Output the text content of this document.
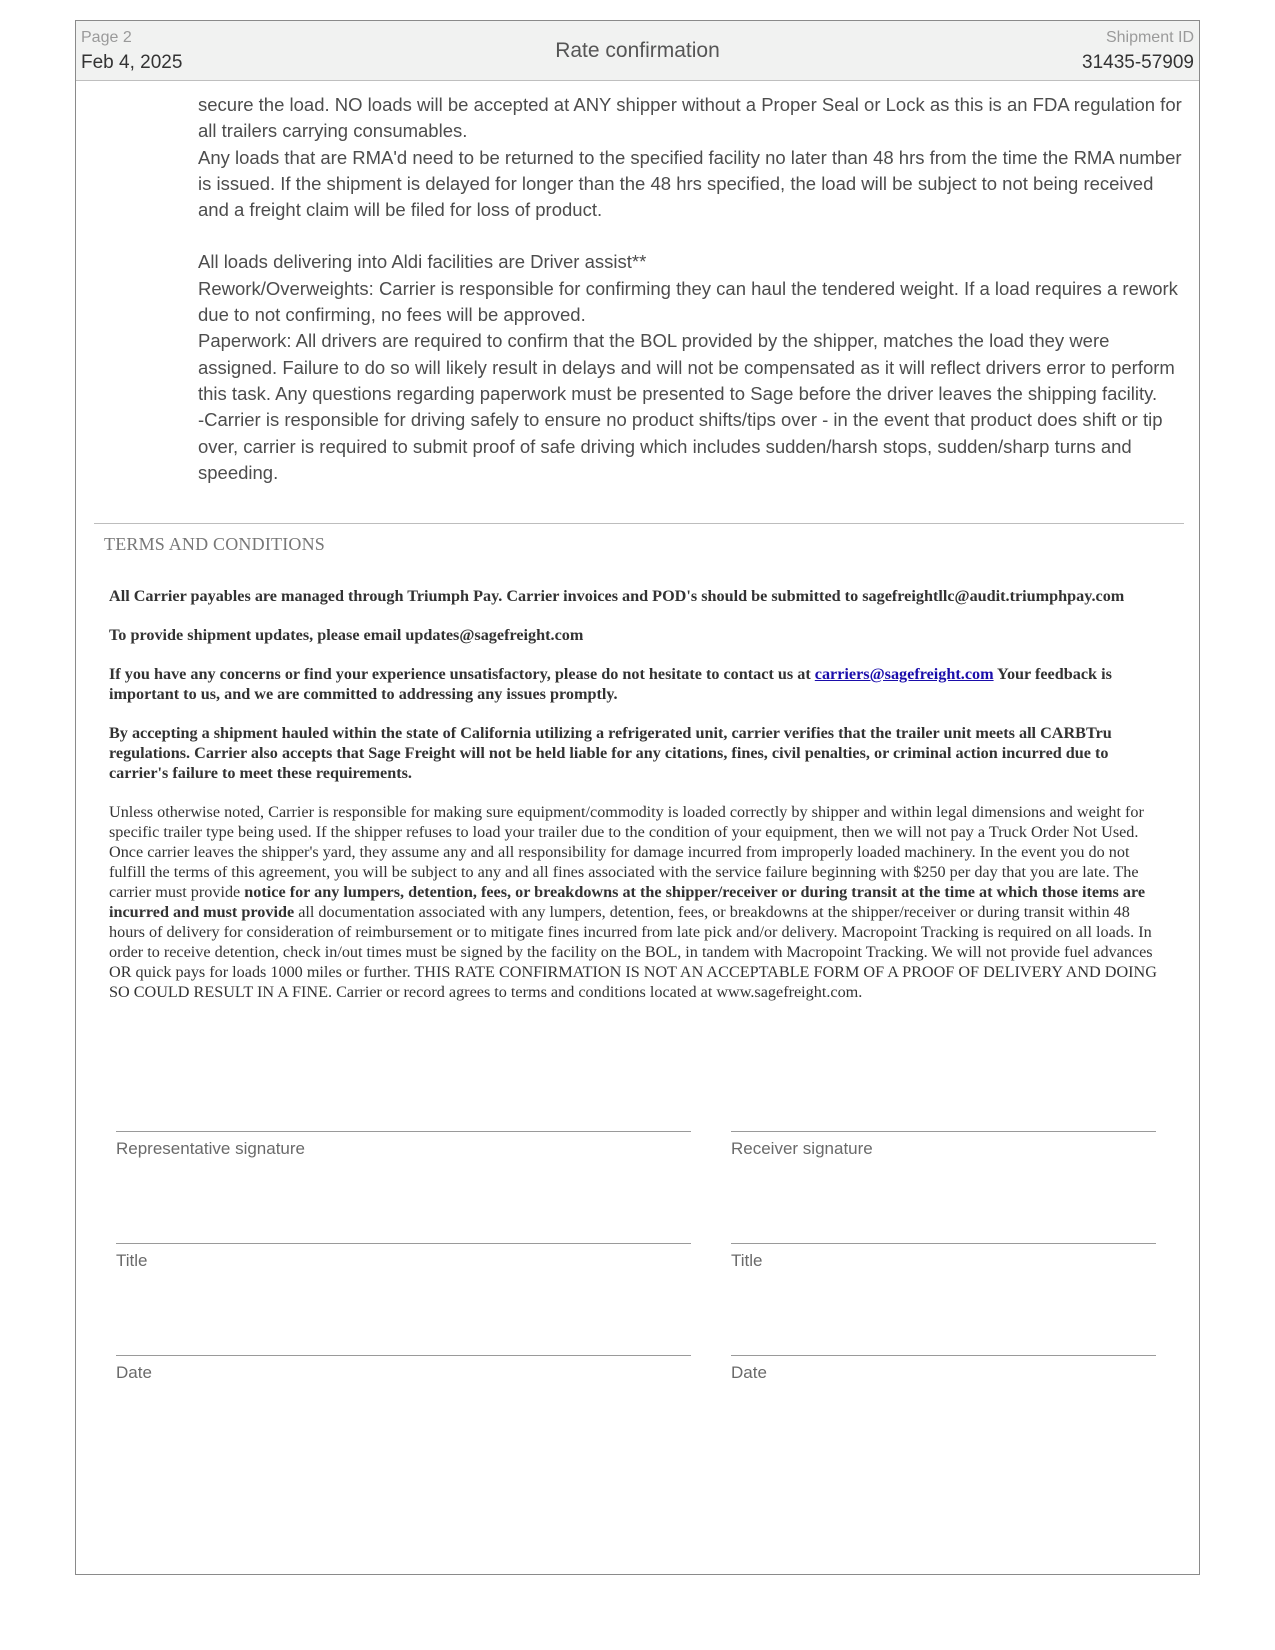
Page 2
Feb 4, 2025
Rate confirmation
Shipment ID
31435-57909

secure the load. NO loads will be accepted at ANY shipper without a Proper Seal or Lock as this is an FDA regulation for all trailers carrying consumables.

Any loads that are RMA'd need to be returned to the specified facility no later than 48 hrs from the time the RMA number is issued. If the shipment is delayed for longer than the 48 hrs specified, the load will be subject to not being received and a freight claim will be filed for loss of product.

All loads delivering into Aldi facilities are Driver assist**

Rework/Overweights: Carrier is responsible for confirming they can haul the tendered weight. If a load requires a rework due to not confirming, no fees will be approved.

Paperwork: All drivers are required to confirm that the BOL provided by the shipper, matches the load they were assigned. Failure to do so will likely result in delays and will not be compensated as it will reflect drivers error to perform this task. Any questions regarding paperwork must be presented to Sage before the driver leaves the shipping facility.

-Carrier is responsible for driving safely to ensure no product shifts/tips over - in the event that product does shift or tip over, carrier is required to submit proof of safe driving which includes sudden/harsh stops, sudden/sharp turns and speeding.

TERMS AND CONDITIONS

All Carrier payables are managed through Triumph Pay. Carrier invoices and POD's should be submitted to sagefreightllc@audit.triumphpay.com

To provide shipment updates, please email updates@sagefreight.com

If you have any concerns or find your experience unsatisfactory, please do not hesitate to contact us at carriers@sagefreight.com Your feedback is important to us, and we are committed to addressing any issues promptly.

By accepting a shipment hauled within the state of California utilizing a refrigerated unit, carrier verifies that the trailer unit meets all CARBTru regulations. Carrier also accepts that Sage Freight will not be held liable for any citations, fines, civil penalties, or criminal action incurred due to carrier's failure to meet these requirements.

Unless otherwise noted, Carrier is responsible for making sure equipment/commodity is loaded correctly by shipper and within legal dimensions and weight for specific trailer type being used. If the shipper refuses to load your trailer due to the condition of your equipment, then we will not pay a Truck Order Not Used. Once carrier leaves the shipper's yard, they assume any and all responsibility for damage incurred from improperly loaded machinery. In the event you do not fulfill the terms of this agreement, you will be subject to any and all fines associated with the service failure beginning with $250 per day that you are late. The carrier must provide notice for any lumpers, detention, fees, or breakdowns at the shipper/receiver or during transit at the time at which those items are incurred and must provide all documentation associated with any lumpers, detention, fees, or breakdowns at the shipper/receiver or during transit within 48 hours of delivery for consideration of reimbursement or to mitigate fines incurred from late pick and/or delivery. Macropoint Tracking is required on all loads. In order to receive detention, check in/out times must be signed by the facility on the BOL, in tandem with Macropoint Tracking. We will not provide fuel advances OR quick pays for loads 1000 miles or further. THIS RATE CONFIRMATION IS NOT AN ACCEPTABLE FORM OF A PROOF OF DELIVERY AND DOING SO COULD RESULT IN A FINE. Carrier or record agrees to terms and conditions located at www.sagefreight.com.

Representative signature	Receiver signature
Title	Title
Date	Date
